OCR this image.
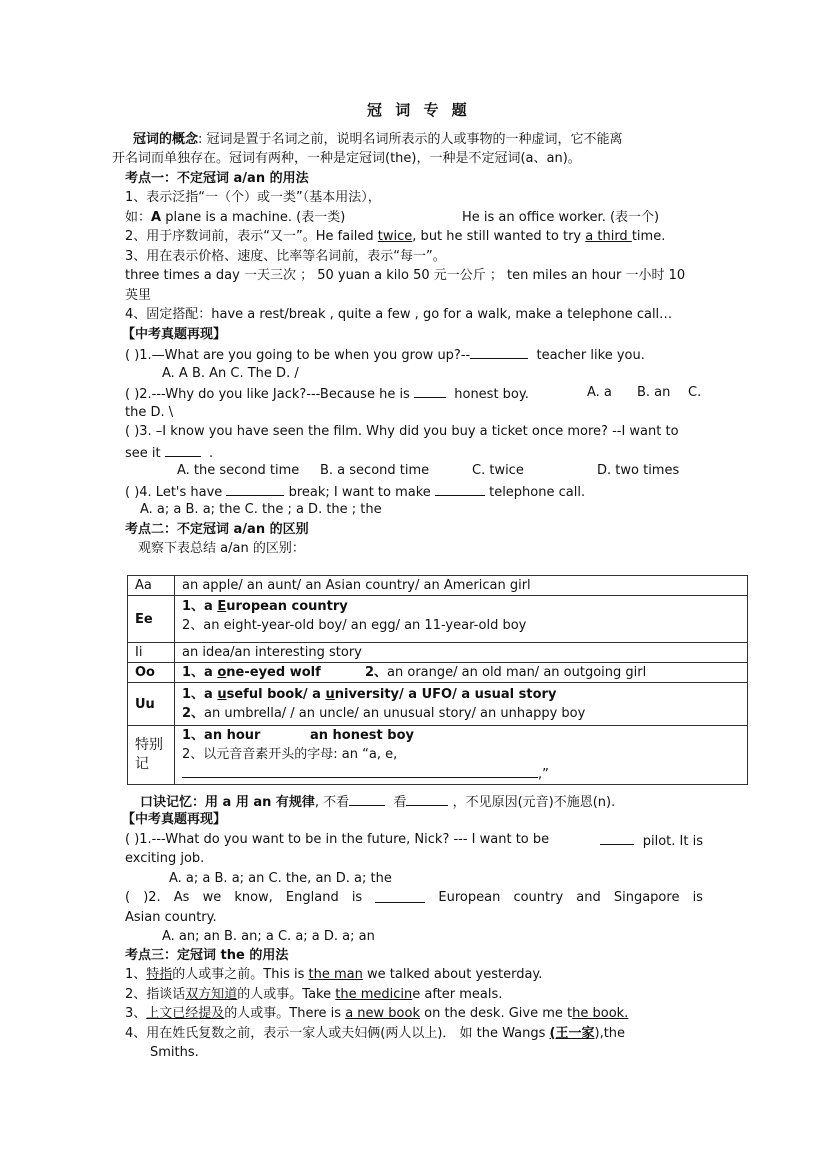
冠 词 专 题
冠词的概念: 冠词是置于名词之前，说明名词所表示的人或事物的一种虚词，它不能离
开名词而单独存在。冠词有两种，一种是定冠词(the)，一种是不定冠词(a、an)。
考点一：不定冠词 a/an 的用法
1、表示泛指“一（个）或一类”（基本用法），
如：A plane is a machine. (表一类)	He is an office worker. (表一个)
2、用于序数词前，表示“又一”。He failed twice, but he still wanted to try a third time.
3、用在表示价格、速度、比率等名词前，表示“每一”。
three times a day 一天三次 ； 50 yuan a kilo 50 元一公斤 ； ten miles an hour 一小时 10
英里
4、固定搭配：have a rest/break , quite a few , go for a walk, make a telephone call…
【中考真题再现】
( )1.—What are you going to be when you grow up?--	teacher like you.
A. A B. An C. The D. /
( )2.---Why do you like Jack?---Because he is	honest boy.	A. a B. an C.
the D. \
( )3. –I know you have seen the film. Why did you buy a ticket once more? --I want to
see it	.
A. the second time B. a second time	C. twice	D. two times
( )4. Let's have	break; I want to make	telephone call.
A. a; a B. a; the C. the ; a D. the ; the
考点二：不定冠词 a/an 的区别
观察下表总结 a/an 的区别：
Aa	an apple/ an aunt/ an Asian country/ an American girl
Ee	1、a European country
2、an eight-year-old boy/ an egg/ an 11-year-old boy

Ii	an idea/an interesting story
Oo	1、a one-eyed wolf 2、an orange/ an old man/ an outgoing girl
Uu	1、a useful book/ a university/ a UFO/ a usual story
2、an umbrella/ / an uncle/ an unusual story/ an unhappy boy

特别记	1、an hour an honest boy
2、以元音音素开头的字母: an “a, e, ,”
口诀记忆：用 a 用 an 有规律, 不看	看	，不见原因(元音)不施恩(n).
【中考真题再现】
( )1.---What do you want to be in the future, Nick? --- I want to be	pilot. It is
exciting job.
A. a; a B. a; an C. the, an D. a; the
( )2. As we know, England is	European country and Singapore is
Asian country.
A. an; an B. an; a C. a; a D. a; an
考点三：定冠词 the 的用法
1、特指的人或事之前。This is the man we talked about yesterday.
2、指谈话双方知道的人或事。Take the medicine after meals.
3、上文已经提及的人或事。There is a new book on the desk. Give me the book.
4、用在姓氏复数之前，表示一家人或夫妇俩(两人以上)． 如 the Wangs (王一家),the
Smiths.
